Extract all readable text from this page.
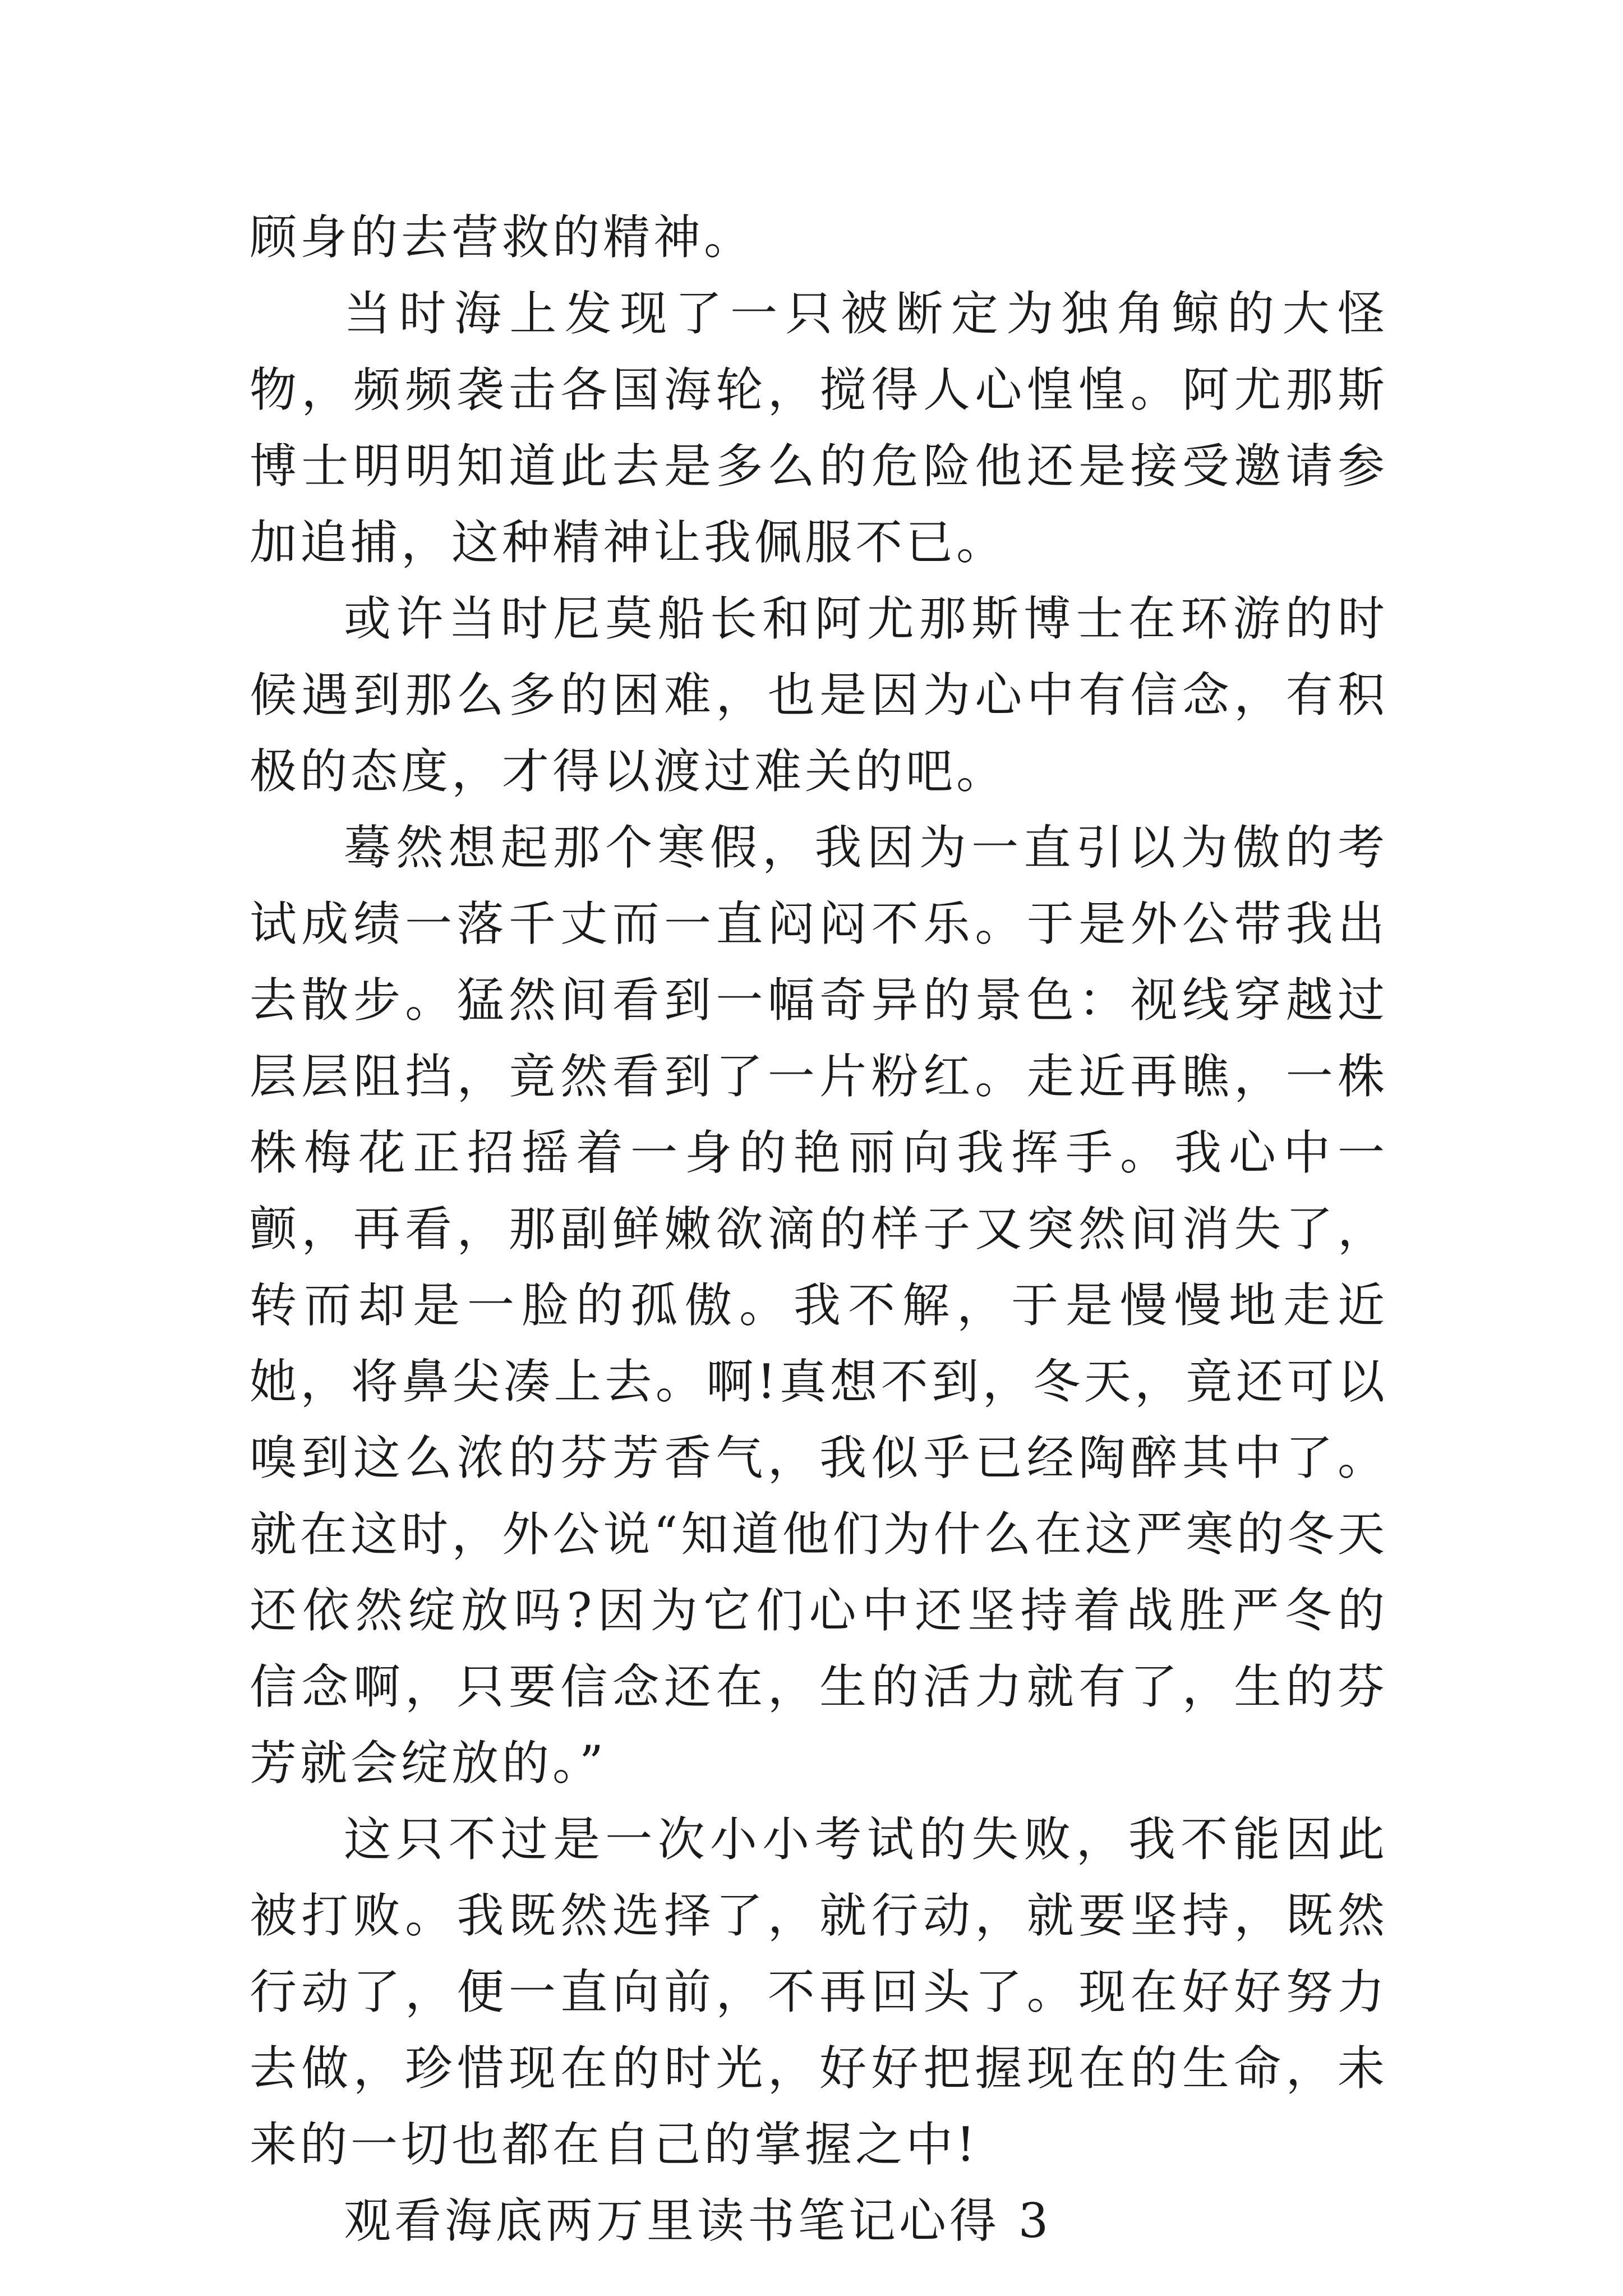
顾身的去营救的精神。

当时海上发现了一只被断定为独角鲸的大怪物，频频袭击各国海轮，搅得人心惶惶。阿尤那斯博士明明知道此去是多么的危险他还是接受邀请参加追捕，这种精神让我佩服不已。

或许当时尼莫船长和阿尤那斯博士在环游的时候遇到那么多的困难，也是因为心中有信念，有积极的态度，才得以渡过难关的吧。

蓦然想起那个寒假，我因为一直引以为傲的考试成绩一落千丈而一直闷闷不乐。于是外公带我出去散步。猛然间看到一幅奇异的景色：视线穿越过层层阻挡，竟然看到了一片粉红。走近再瞧，一株株梅花正招摇着一身的艳丽向我挥手。我心中一颤，再看，那副鲜嫩欲滴的样子又突然间消失了，转而却是一脸的孤傲。我不解，于是慢慢地走近她，将鼻尖凑上去。啊!真想不到，冬天，竟还可以嗅到这么浓的芬芳香气，我似乎已经陶醉其中了。就在这时，外公说“知道他们为什么在这严寒的冬天还依然绽放吗?因为它们心中还坚持着战胜严冬的信念啊，只要信念还在，生的活力就有了，生的芬芳就会绽放的。”

这只不过是一次小小考试的失败，我不能因此被打败。我既然选择了，就行动，就要坚持，既然行动了，便一直向前，不再回头了。现在好好努力去做，珍惜现在的时光，好好把握现在的生命，未来的一切也都在自己的掌握之中!

观看海底两万里读书笔记心得 3
